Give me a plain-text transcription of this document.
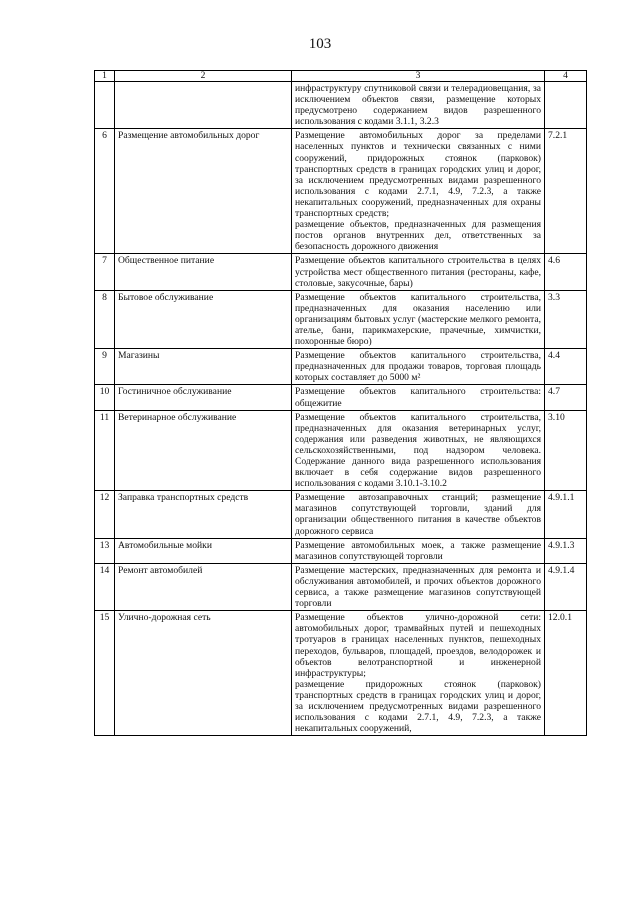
103
1	2	3	4
		инфраструктуру спутниковой связи и телерадиовещания, за исключением объектов связи, размещение которых предусмотрено содержанием видов разрешенного использования с кодами 3.1.1, 3.2.3	
6	Размещение автомобильных дорог	Размещение автомобильных дорог за пределами населенных пунктов и технически связанных с ними сооружений, придорожных стоянок (парковок) транспортных средств в границах городских улиц и дорог, за исключением предусмотренных видами разрешенного использования с кодами 2.7.1, 4.9, 7.2.3, а также некапитальных сооружений, предназначенных для охраны транспортных средств;
размещение объектов, предназначенных для размещения постов органов внутренних дел, ответственных за безопасность дорожного движения	7.2.1
7	Общественное питание	Размещение объектов капитального строительства в целях устройства мест общественного питания (рестораны, кафе, столовые, закусочные, бары)	4.6
8	Бытовое обслуживание	Размещение объектов капитального строительства, предназначенных для оказания населению или организациям бытовых услуг (мастерские мелкого ремонта, ателье, бани, парикмахерские, прачечные, химчистки, похоронные бюро)	3.3
9	Магазины	Размещение объектов капитального строительства, предназначенных для продажи товаров, торговая площадь которых составляет до 5000 м²	4.4
10	Гостиничное обслуживание	Размещение объектов капитального строительства: общежитие	4.7
11	Ветеринарное обслуживание	Размещение объектов капитального строительства, предназначенных для оказания ветеринарных услуг, содержания или разведения животных, не являющихся сельскохозяйственными, под надзором человека. Содержание данного вида разрешенного использования включает в себя содержание видов разрешенного использования с кодами 3.10.1-3.10.2	3.10
12	Заправка транспортных средств	Размещение автозаправочных станций; размещение магазинов сопутствующей торговли, зданий для организации общественного питания в качестве объектов дорожного сервиса	4.9.1.1
13	Автомобильные мойки	Размещение автомобильных моек, а также размещение магазинов сопутствующей торговли	4.9.1.3
14	Ремонт автомобилей	Размещение мастерских, предназначенных для ремонта и обслуживания автомобилей, и прочих объектов дорожного сервиса, а также размещение магазинов сопутствующей торговли	4.9.1.4
15	Улично-дорожная сеть	Размещение объектов улично-дорожной сети: автомобильных дорог, трамвайных путей и пешеходных тротуаров в границах населенных пунктов, пешеходных переходов, бульваров, площадей, проездов, велодорожек и объектов велотранспортной и инженерной инфраструктуры;
размещение придорожных стоянок (парковок) транспортных средств в границах городских улиц и дорог, за исключением предусмотренных видами разрешенного использования с кодами 2.7.1, 4.9, 7.2.3, а также некапитальных сооружений,	12.0.1
